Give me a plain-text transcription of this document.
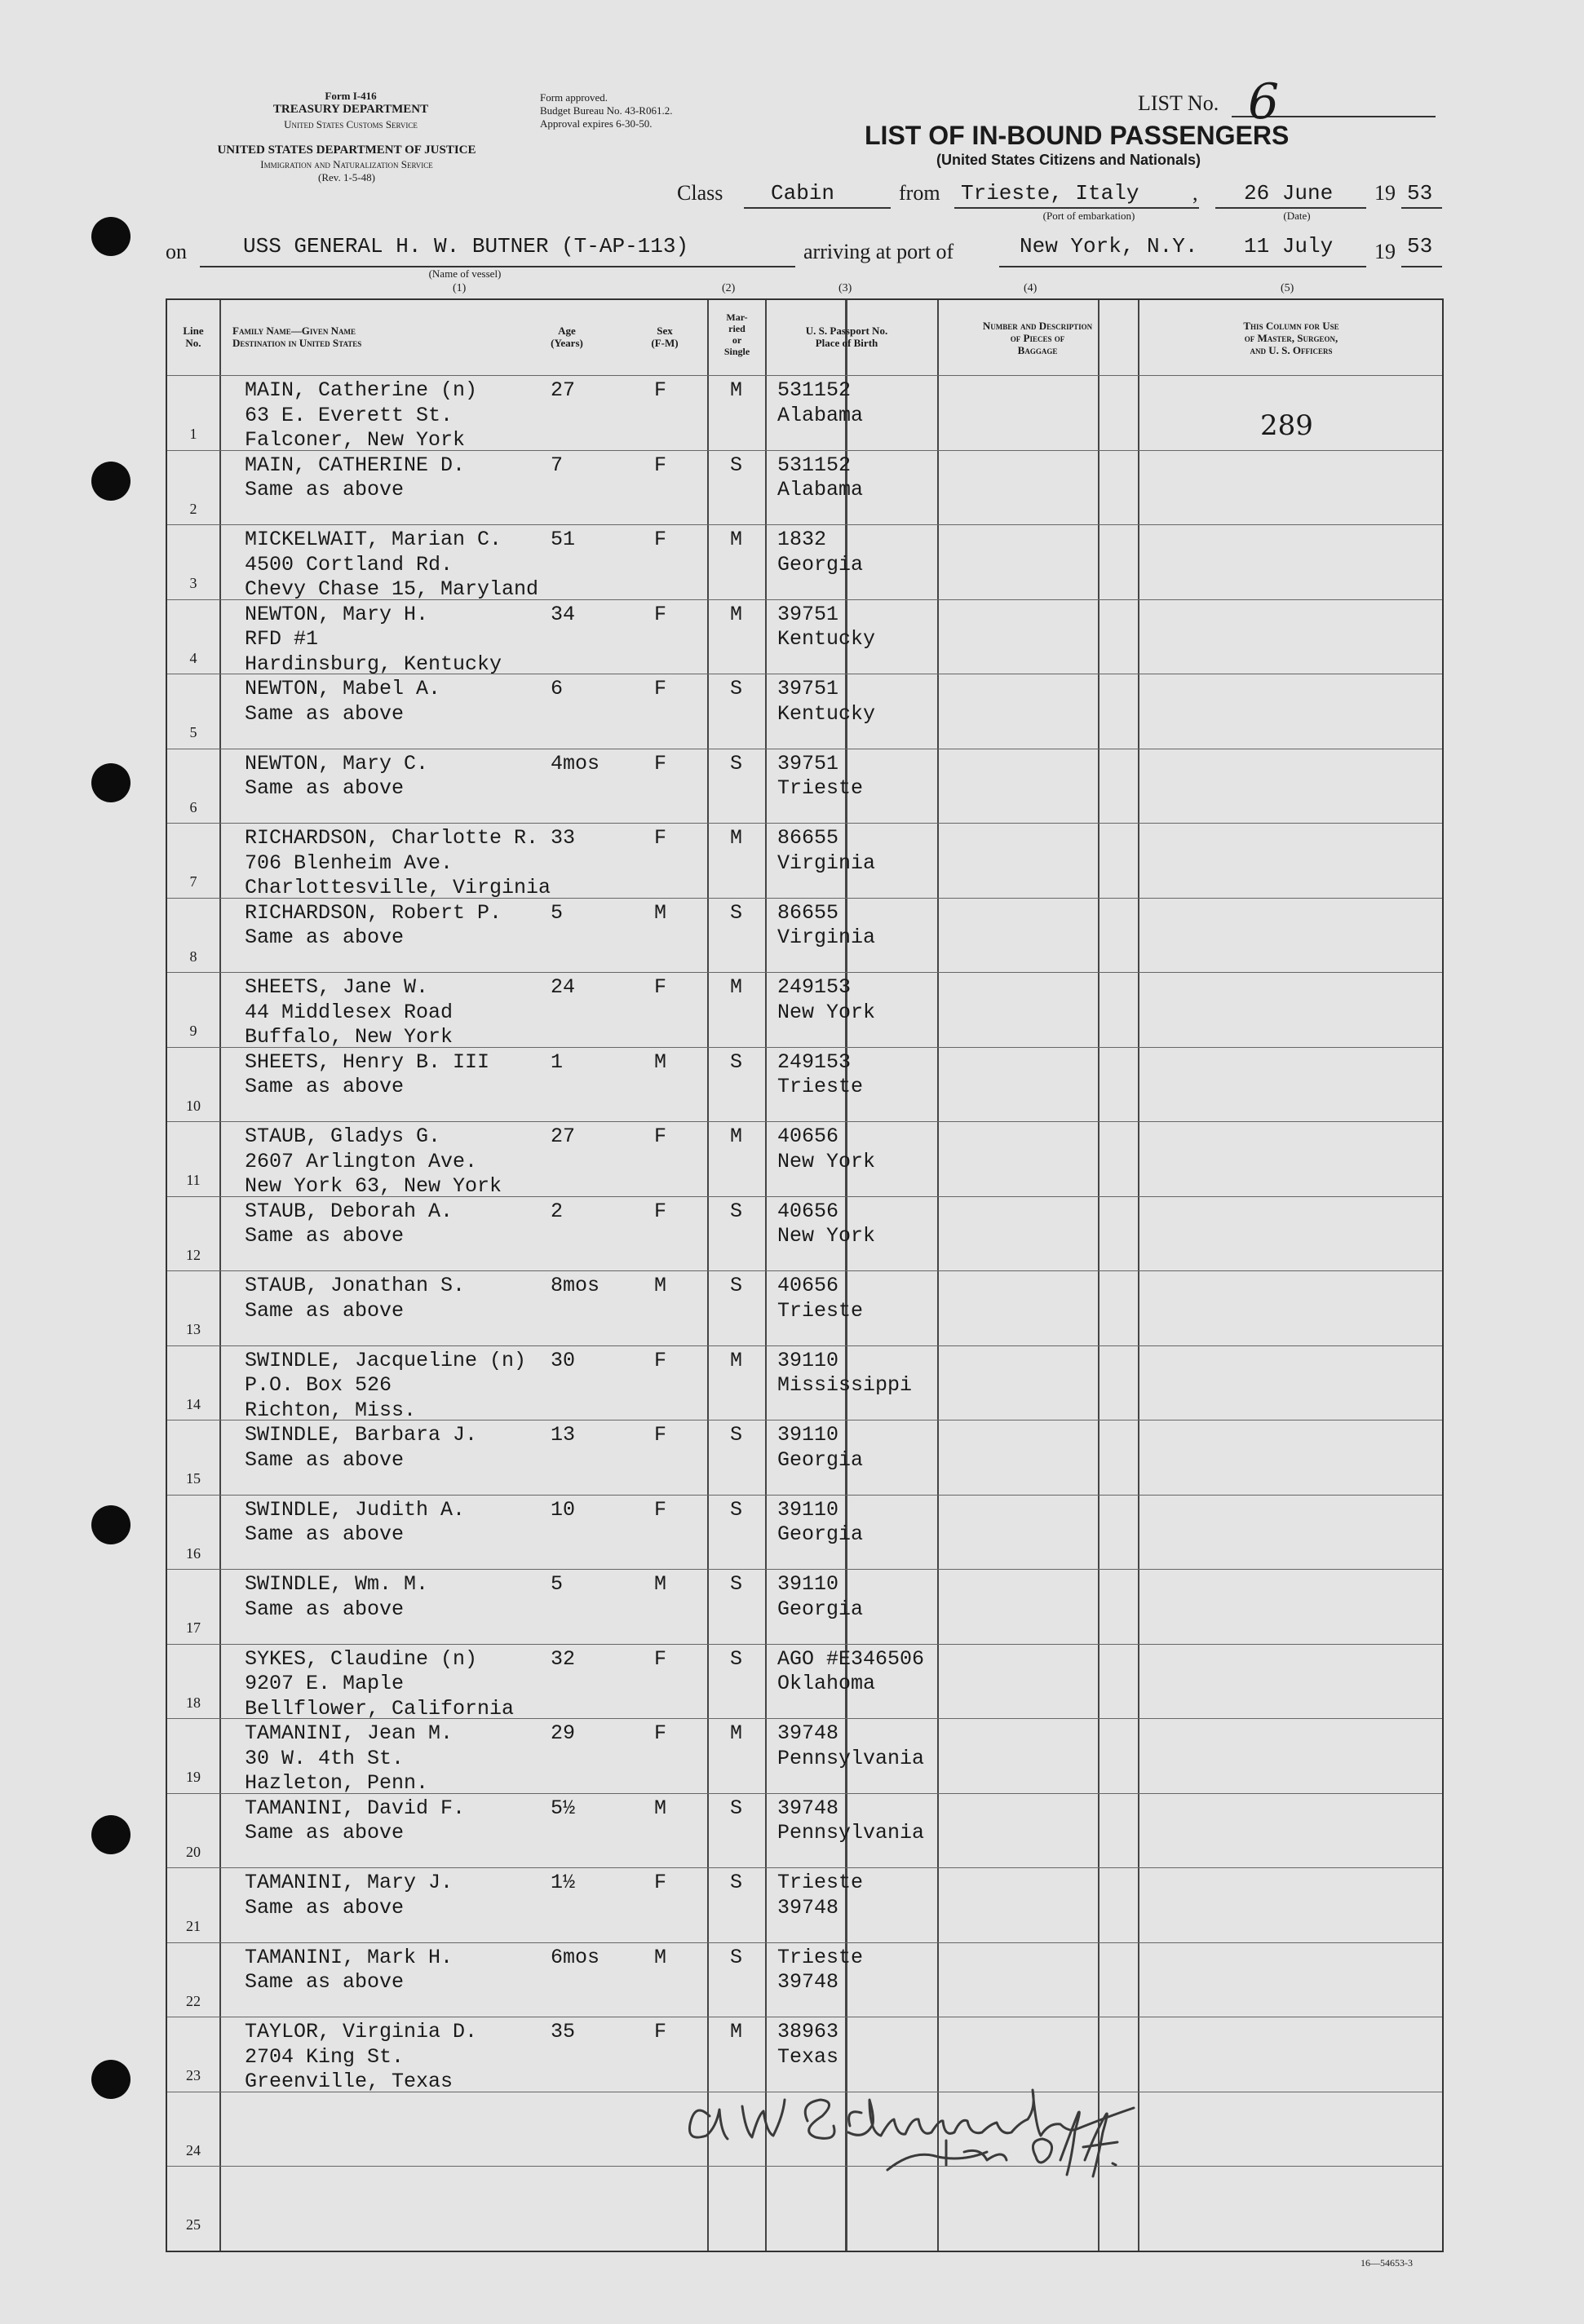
Form I-416
TREASURY DEPARTMENT
United States Customs Service
UNITED STATES DEPARTMENT OF JUSTICE
Immigration and Naturalization Service
(Rev. 1-5-48)
Form approved.
Budget Bureau No. 43-R061.2.
Approval expires 6-30-50.
LIST No. 6
LIST OF IN-BOUND PASSENGERS
(United States Citizens and Nationals)
Class Cabin	from Trieste, Italy
(Port of embarkation)
, 26 June
(Date)
19 53
on	USS GENERAL H. W. BUTNER (T-AP-113)
(Name of vessel)
arriving at port of	New York, N.Y. 11 July 19 53
(1)	(2)	(3)	(4)	(5)
Line
No.
Family Name—Given Name
Destination in United States
Age
(Years)
Sex
(F-M)
Mar-
ried
or
Single
U. S. Passport No.
Place of Birth
Number and Description
of Pieces of
Baggage
This Column for Use
of Master, Surgeon,
and U. S. Officers
289
1
MAIN, Catherine (n)
63 E. Everett St.
Falconer, New York
27	F	M 531152
Alabama
2
MAIN, CATHERINE D.
Same as above
7	F	S 531152
Alabama
3
MICKELWAIT, Marian C.
4500 Cortland Rd.
Chevy Chase 15, Maryland
51	F	M 1832
Georgia
4
NEWTON, Mary H.
RFD #1
Hardinsburg, Kentucky
34	F	M 39751
Kentucky
5
NEWTON, Mabel A.
Same as above
6	F	S 39751
Kentucky
6
NEWTON, Mary C.
Same as above
4mos	F	S 39751
Trieste
7
RICHARDSON, Charlotte R.
706 Blenheim Ave.
Charlottesville, Virginia
33	F	M 86655
Virginia
8
RICHARDSON, Robert P.
Same as above
5	M	S 86655
Virginia
9
SHEETS, Jane W.
44 Middlesex Road
Buffalo, New York
24	F	M 249153
New York
10
SHEETS, Henry B. III
Same as above
1	M	S 249153
Trieste
11
STAUB, Gladys G.
2607 Arlington Ave.
New York 63, New York
27	F	M 40656
New York
12
STAUB, Deborah A.
Same as above
2	F	S 40656
New York
13
STAUB, Jonathan S.
Same as above
8mos	M	S 40656
Trieste
14
SWINDLE, Jacqueline (n)
P.O. Box 526
Richton, Miss.
30	F	M 39110
Mississippi
15
SWINDLE, Barbara J.
Same as above
13	F	S 39110
Georgia
16
SWINDLE, Judith A.
Same as above
10	F	S 39110
Georgia
17
SWINDLE, Wm. M.
Same as above
5	M	S 39110
Georgia
18
SYKES, Claudine (n)
9207 E. Maple
Bellflower, California
32	F	S AGO #E346506
Oklahoma
19
TAMANINI, Jean M.
30 W. 4th St.
Hazleton, Penn.
29	F	M 39748
Pennsylvania
20
TAMANINI, David F.
Same as above
5½	M	S 39748
Pennsylvania
21
TAMANINI, Mary J.
Same as above
1½	F	S Trieste
39748
22
TAMANINI, Mark H.
Same as above
6mos	M	S Trieste
39748
23
TAYLOR, Virginia D.
2704 King St.
Greenville, Texas
35	F	M 38963
Texas
24
25
A. W. Schumacher
16—54653-3
